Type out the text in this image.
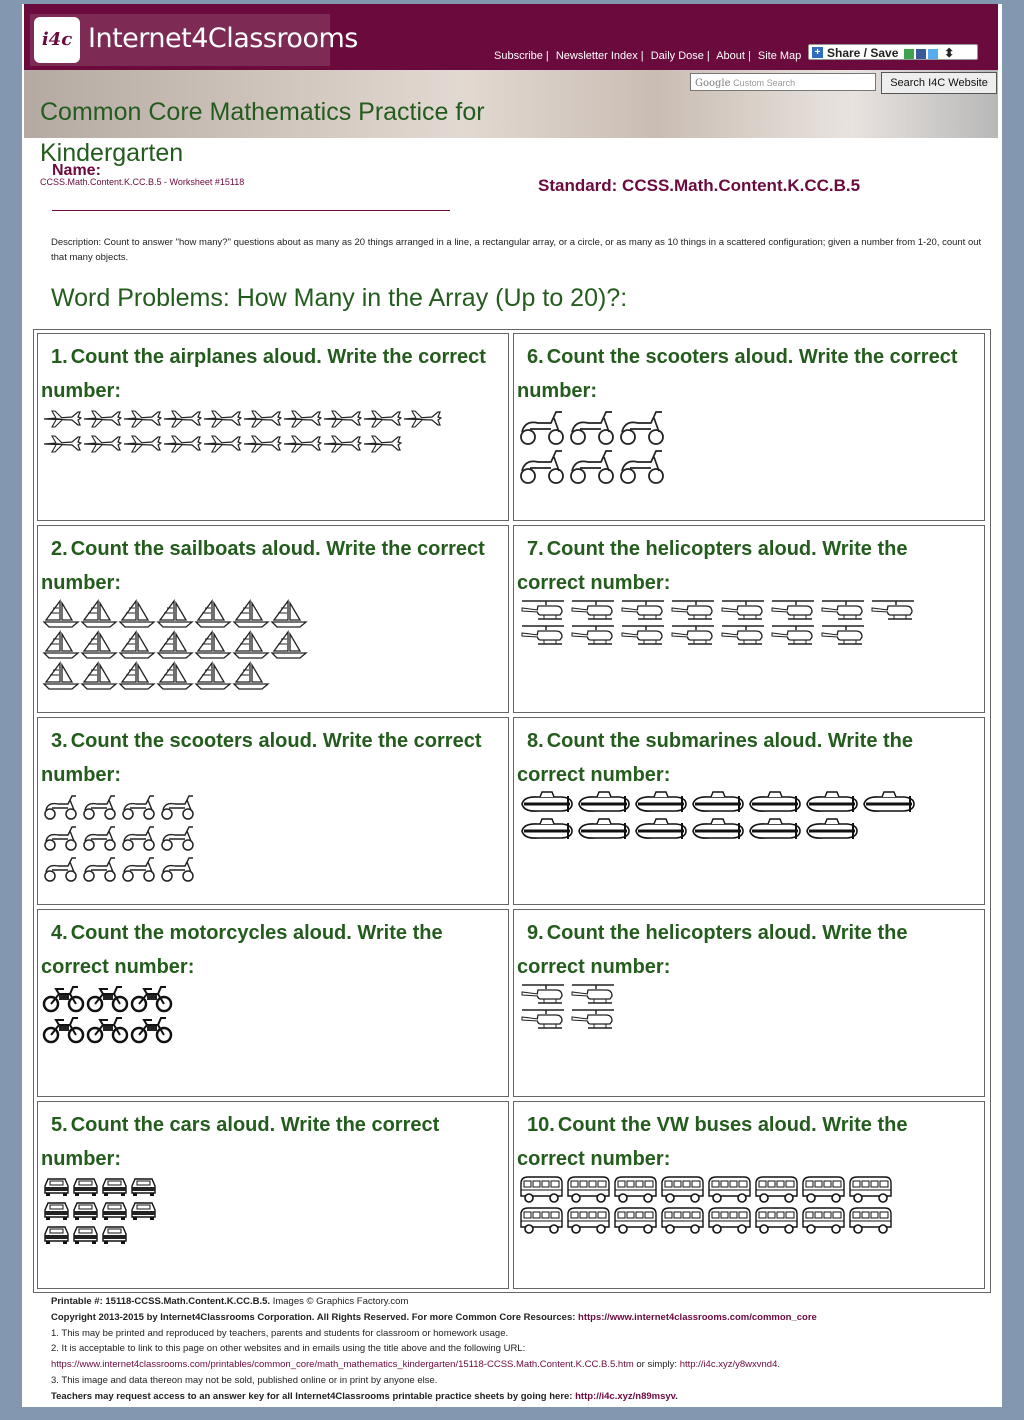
i4c Internet4Classrooms
Subscribe | Newsletter Index | Daily Dose | About | Site Map + Share / Save	⬍
Google Custom Search	Search I4C Website
Common Core Mathematics Practice for Kindergarten
Name:
CCSS.Math.Content.K.CC.B.5 - Worksheet #15118	Standard: CCSS.Math.Content.K.CC.B.5
Description: Count to answer "how many?" questions about as many as 20 things arranged in a line, a rectangular array, or a circle, or as many as 10 things in a scattered configuration; given a number from 1-20, count out that many objects.
Word Problems: How Many in the Array (Up to 20)?:
1. Count the airplanes aloud. Write the correct number:

2. Count the sailboats aloud. Write the correct number:

3. Count the scooters aloud. Write the correct number:

4. Count the motorcycles aloud. Write the correct number:

5. Count the cars aloud. Write the correct number:

6. Count the scooters aloud. Write the correct number:

7. Count the helicopters aloud. Write the correct number:

8. Count the submarines aloud. Write the correct number:

9. Count the helicopters aloud. Write the correct number:

10. Count the VW buses aloud. Write the correct number:

Printable #: 15118-CCSS.Math.Content.K.CC.B.5. Images © Graphics Factory.com
Copyright 2013-2015 by Internet4Classrooms Corporation. All Rights Reserved. For more Common Core Resources: https://www.internet4classrooms.com/common_core
1. This may be printed and reproduced by teachers, parents and students for classroom or homework usage.
2. It is acceptable to link to this page on other websites and in emails using the title above and the following URL:
https://www.internet4classrooms.com/printables/common_core/math_mathematics_kindergarten/15118-CCSS.Math.Content.K.CC.B.5.htm or simply: http://i4c.xyz/y8wxvnd4.
3. This image and data thereon may not be sold, published online or in print by anyone else.
Teachers may request access to an answer key for all Internet4Classrooms printable practice sheets by going here: http://i4c.xyz/n89msyv.
